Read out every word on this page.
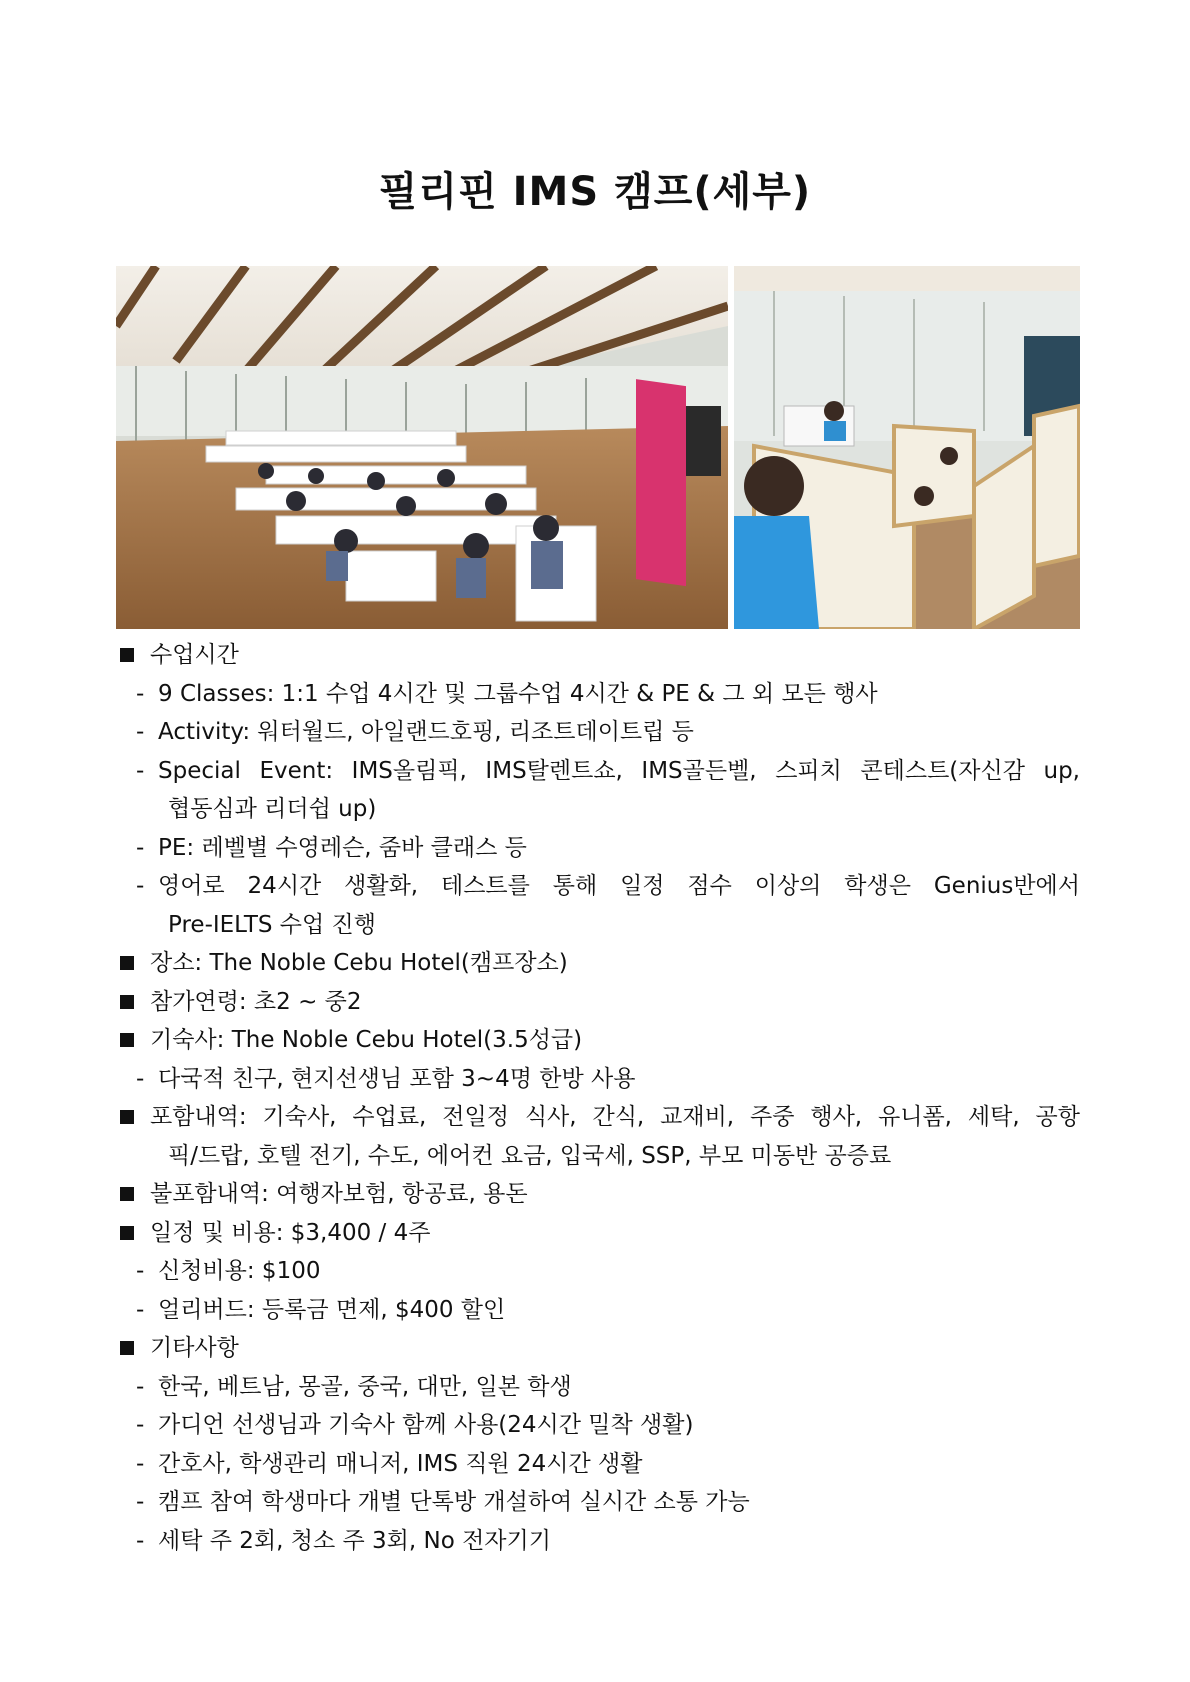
필리핀 IMS 캠프(세부)
수업시간
- 9 Classes: 1:1 수업 4시간 및 그룹수업 4시간 & PE & 그 외 모든 행사
- Activity: 워터월드, 아일랜드호핑, 리조트데이트립 등
- Special Event: IMS올림픽, IMS탈렌트쇼, IMS골든벨, 스피치 콘테스트(자신감 up,
협동심과 리더쉽 up)
- PE: 레벨별 수영레슨, 줌바 클래스 등
- 영어로 24시간 생활화, 테스트를 통해 일정 점수 이상의 학생은 Genius반에서
Pre-IELTS 수업 진행
장소: The Noble Cebu Hotel(캠프장소)
참가연령: 초2 ~ 중2
기숙사: The Noble Cebu Hotel(3.5성급)
- 다국적 친구, 현지선생님 포함 3~4명 한방 사용
포함내역: 기숙사, 수업료, 전일정 식사, 간식, 교재비, 주중 행사, 유니폼, 세탁, 공항
픽/드랍, 호텔 전기, 수도, 에어컨 요금, 입국세, SSP, 부모 미동반 공증료
불포함내역: 여행자보험, 항공료, 용돈
일정 및 비용: $3,400 / 4주
- 신청비용: $100
- 얼리버드: 등록금 면제, $400 할인
기타사항
- 한국, 베트남, 몽골, 중국, 대만, 일본 학생
- 가디언 선생님과 기숙사 함께 사용(24시간 밀착 생활)
- 간호사, 학생관리 매니저, IMS 직원 24시간 생활
- 캠프 참여 학생마다 개별 단톡방 개설하여 실시간 소통 가능
- 세탁 주 2회, 청소 주 3회, No 전자기기
